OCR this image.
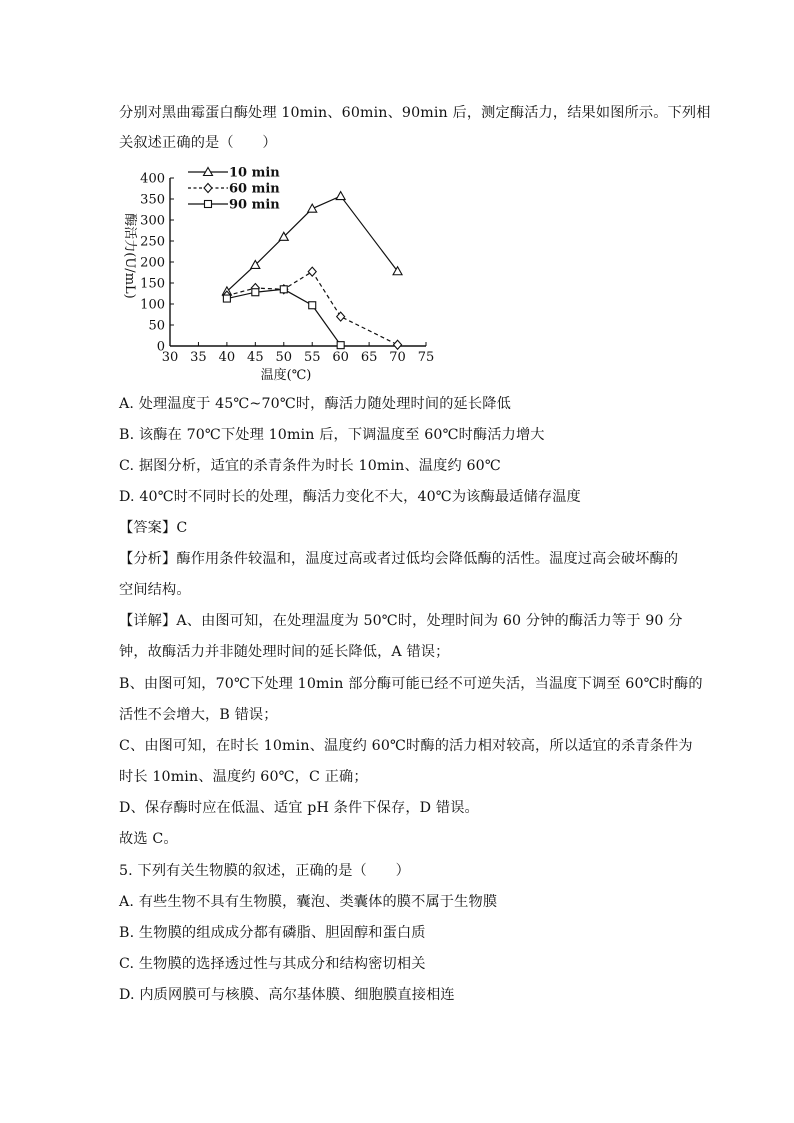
分别对黑曲霉蛋白酶处理 10min、60min、90min 后，测定酶活力，结果如图所示。下列相
关叙述正确的是（　　）
30 35 40 45 50 55 60 65 70 75
0
50
100
150
200
250
300
350
400	10 min
60 min
90 min
酶活力(U/mL)
温度(℃)
A. 处理温度于 45℃~70℃时，酶活力随处理时间的延长降低
B. 该酶在 70℃下处理 10min 后，下调温度至 60℃时酶活力增大
C. 据图分析，适宜的杀青条件为时长 10min、温度约 60℃
D. 40℃时不同时长的处理，酶活力变化不大，40℃为该酶最适储存温度
【答案】C
【分析】酶作用条件较温和，温度过高或者过低均会降低酶的活性。温度过高会破坏酶的
空间结构。
【详解】A、由图可知，在处理温度为 50℃时，处理时间为 60 分钟的酶活力等于 90 分
钟，故酶活力并非随处理时间的延长降低，A 错误；
B、由图可知，70℃下处理 10min 部分酶可能已经不可逆失活，当温度下调至 60℃时酶的
活性不会增大，B 错误；
C、由图可知，在时长 10min、温度约 60℃时酶的活力相对较高，所以适宜的杀青条件为
时长 10min、温度约 60℃，C 正确；
D、保存酶时应在低温、适宜 pH 条件下保存，D 错误。
故选 C。
5. 下列有关生物膜的叙述，正确的是（　　）
A. 有些生物不具有生物膜，囊泡、类囊体的膜不属于生物膜
B. 生物膜的组成成分都有磷脂、胆固醇和蛋白质
C. 生物膜的选择透过性与其成分和结构密切相关
D. 内质网膜可与核膜、高尔基体膜、细胞膜直接相连
